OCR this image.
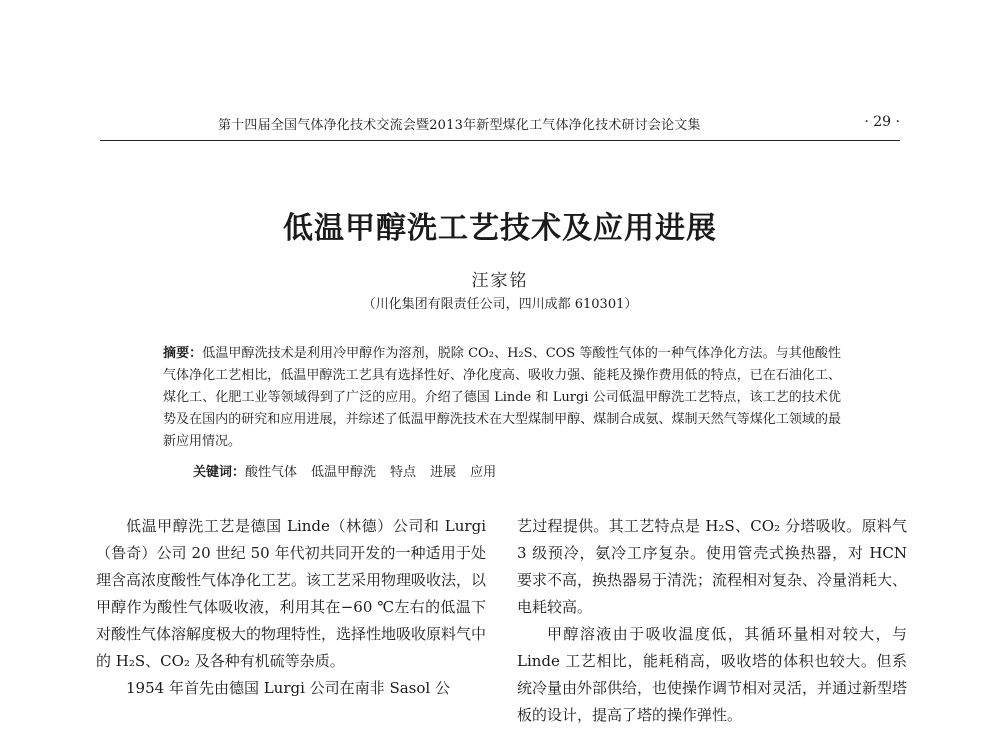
第十四届全国气体净化技术交流会暨2013年新型煤化工气体净化技术研讨会论文集	· 29 ·
低温甲醇洗工艺技术及应用进展
汪家铭
（川化集团有限责任公司，四川成都 610301）
摘要：低温甲醇洗技术是利用冷甲醇作为溶剂，脱除 CO₂、H₂S、COS 等酸性气体的一种气体净化方法。与其他酸性气体净化工艺相比，低温甲醇洗工艺具有选择性好、净化度高、吸收力强、能耗及操作费用低的特点，已在石油化工、煤化工、化肥工业等领域得到了广泛的应用。介绍了德国 Linde 和 Lurgi 公司低温甲醇洗工艺特点，该工艺的技术优势及在国内的研究和应用进展，并综述了低温甲醇洗技术在大型煤制甲醇、煤制合成氨、煤制天然气等煤化工领域的最新应用情况。
关键词：酸性气体 低温甲醇洗 特点 进展 应用

低温甲醇洗工艺是德国 Linde（林德）公司和 Lurgi（鲁奇）公司 20 世纪 50 年代初共同开发的一种适用于处理含高浓度酸性气体净化工艺。该工艺采用物理吸收法，以甲醇作为酸性气体吸收液，利用其在−60 ℃左右的低温下对酸性气体溶解度极大的物理特性，选择性地吸收原料气中的 H₂S、CO₂ 及各种有机硫等杂质。

1954 年首先由德国 Lurgi 公司在南非 Sasol 公

艺过程提供。其工艺特点是 H₂S、CO₂ 分塔吸收。原料气 3 级预冷，氨冷工序复杂。使用管壳式换热器，对 HCN 要求不高，换热器易于清洗；流程相对复杂、冷量消耗大、电耗较高。

甲醇溶液由于吸收温度低，其循环量相对较大，与 Linde 工艺相比，能耗稍高，吸收塔的体积也较大。但系统冷量由外部供给，也使操作调节相对灵活，并通过新型塔板的设计，提高了塔的操作弹性。
